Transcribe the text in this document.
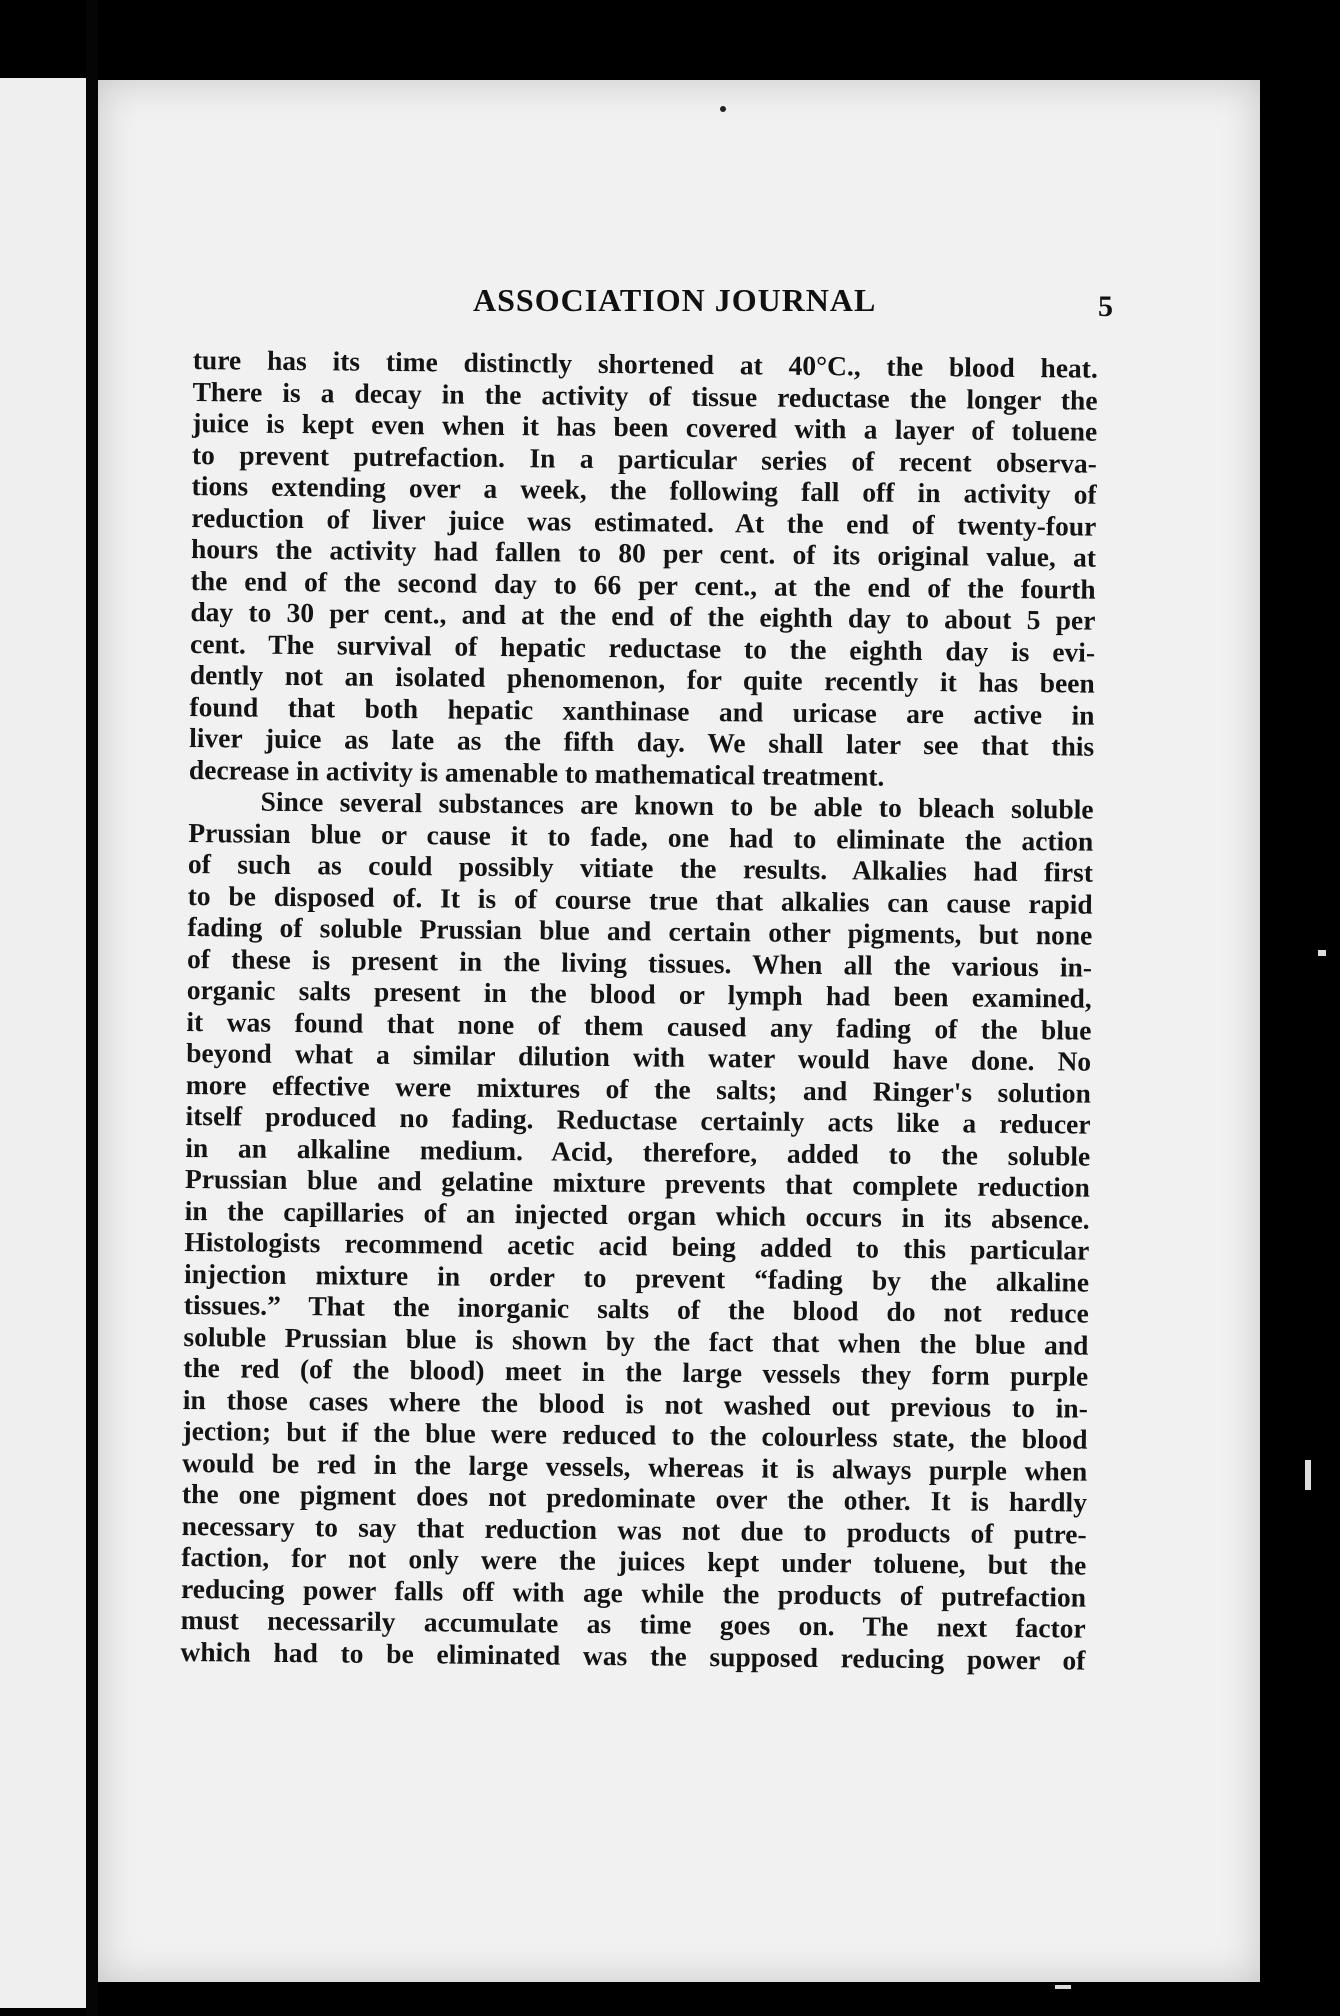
ASSOCIATION JOURNAL	5
ture has its time distinctly shortened at 40°C., the blood heat.
There is a decay in the activity of tissue reductase the longer the
juice is kept even when it has been covered with a layer of toluene
to prevent putrefaction. In a particular series of recent observa-
tions extending over a week, the following fall off in activity of
reduction of liver juice was estimated. At the end of twenty-four
hours the activity had fallen to 80 per cent. of its original value, at
the end of the second day to 66 per cent., at the end of the fourth
day to 30 per cent., and at the end of the eighth day to about 5 per
cent. The survival of hepatic reductase to the eighth day is evi-
dently not an isolated phenomenon, for quite recently it has been
found that both hepatic xanthinase and uricase are active in
liver juice as late as the fifth day. We shall later see that this
decrease in activity is amenable to mathematical treatment.
Since several substances are known to be able to bleach soluble
Prussian blue or cause it to fade, one had to eliminate the action
of such as could possibly vitiate the results. Alkalies had first
to be disposed of. It is of course true that alkalies can cause rapid
fading of soluble Prussian blue and certain other pigments, but none
of these is present in the living tissues. When all the various in-
organic salts present in the blood or lymph had been examined,
it was found that none of them caused any fading of the blue
beyond what a similar dilution with water would have done. No
more effective were mixtures of the salts; and Ringer's solution
itself produced no fading. Reductase certainly acts like a reducer
in an alkaline medium. Acid, therefore, added to the soluble
Prussian blue and gelatine mixture prevents that complete reduction
in the capillaries of an injected organ which occurs in its absence.
Histologists recommend acetic acid being added to this particular
injection mixture in order to prevent “fading by the alkaline
tissues.” That the inorganic salts of the blood do not reduce
soluble Prussian blue is shown by the fact that when the blue and
the red (of the blood) meet in the large vessels they form purple
in those cases where the blood is not washed out previous to in-
jection; but if the blue were reduced to the colourless state, the blood
would be red in the large vessels, whereas it is always purple when
the one pigment does not predominate over the other. It is hardly
necessary to say that reduction was not due to products of putre-
faction, for not only were the juices kept under toluene, but the
reducing power falls off with age while the products of putrefaction
must necessarily accumulate as time goes on. The next factor
which had to be eliminated was the supposed reducing power of
